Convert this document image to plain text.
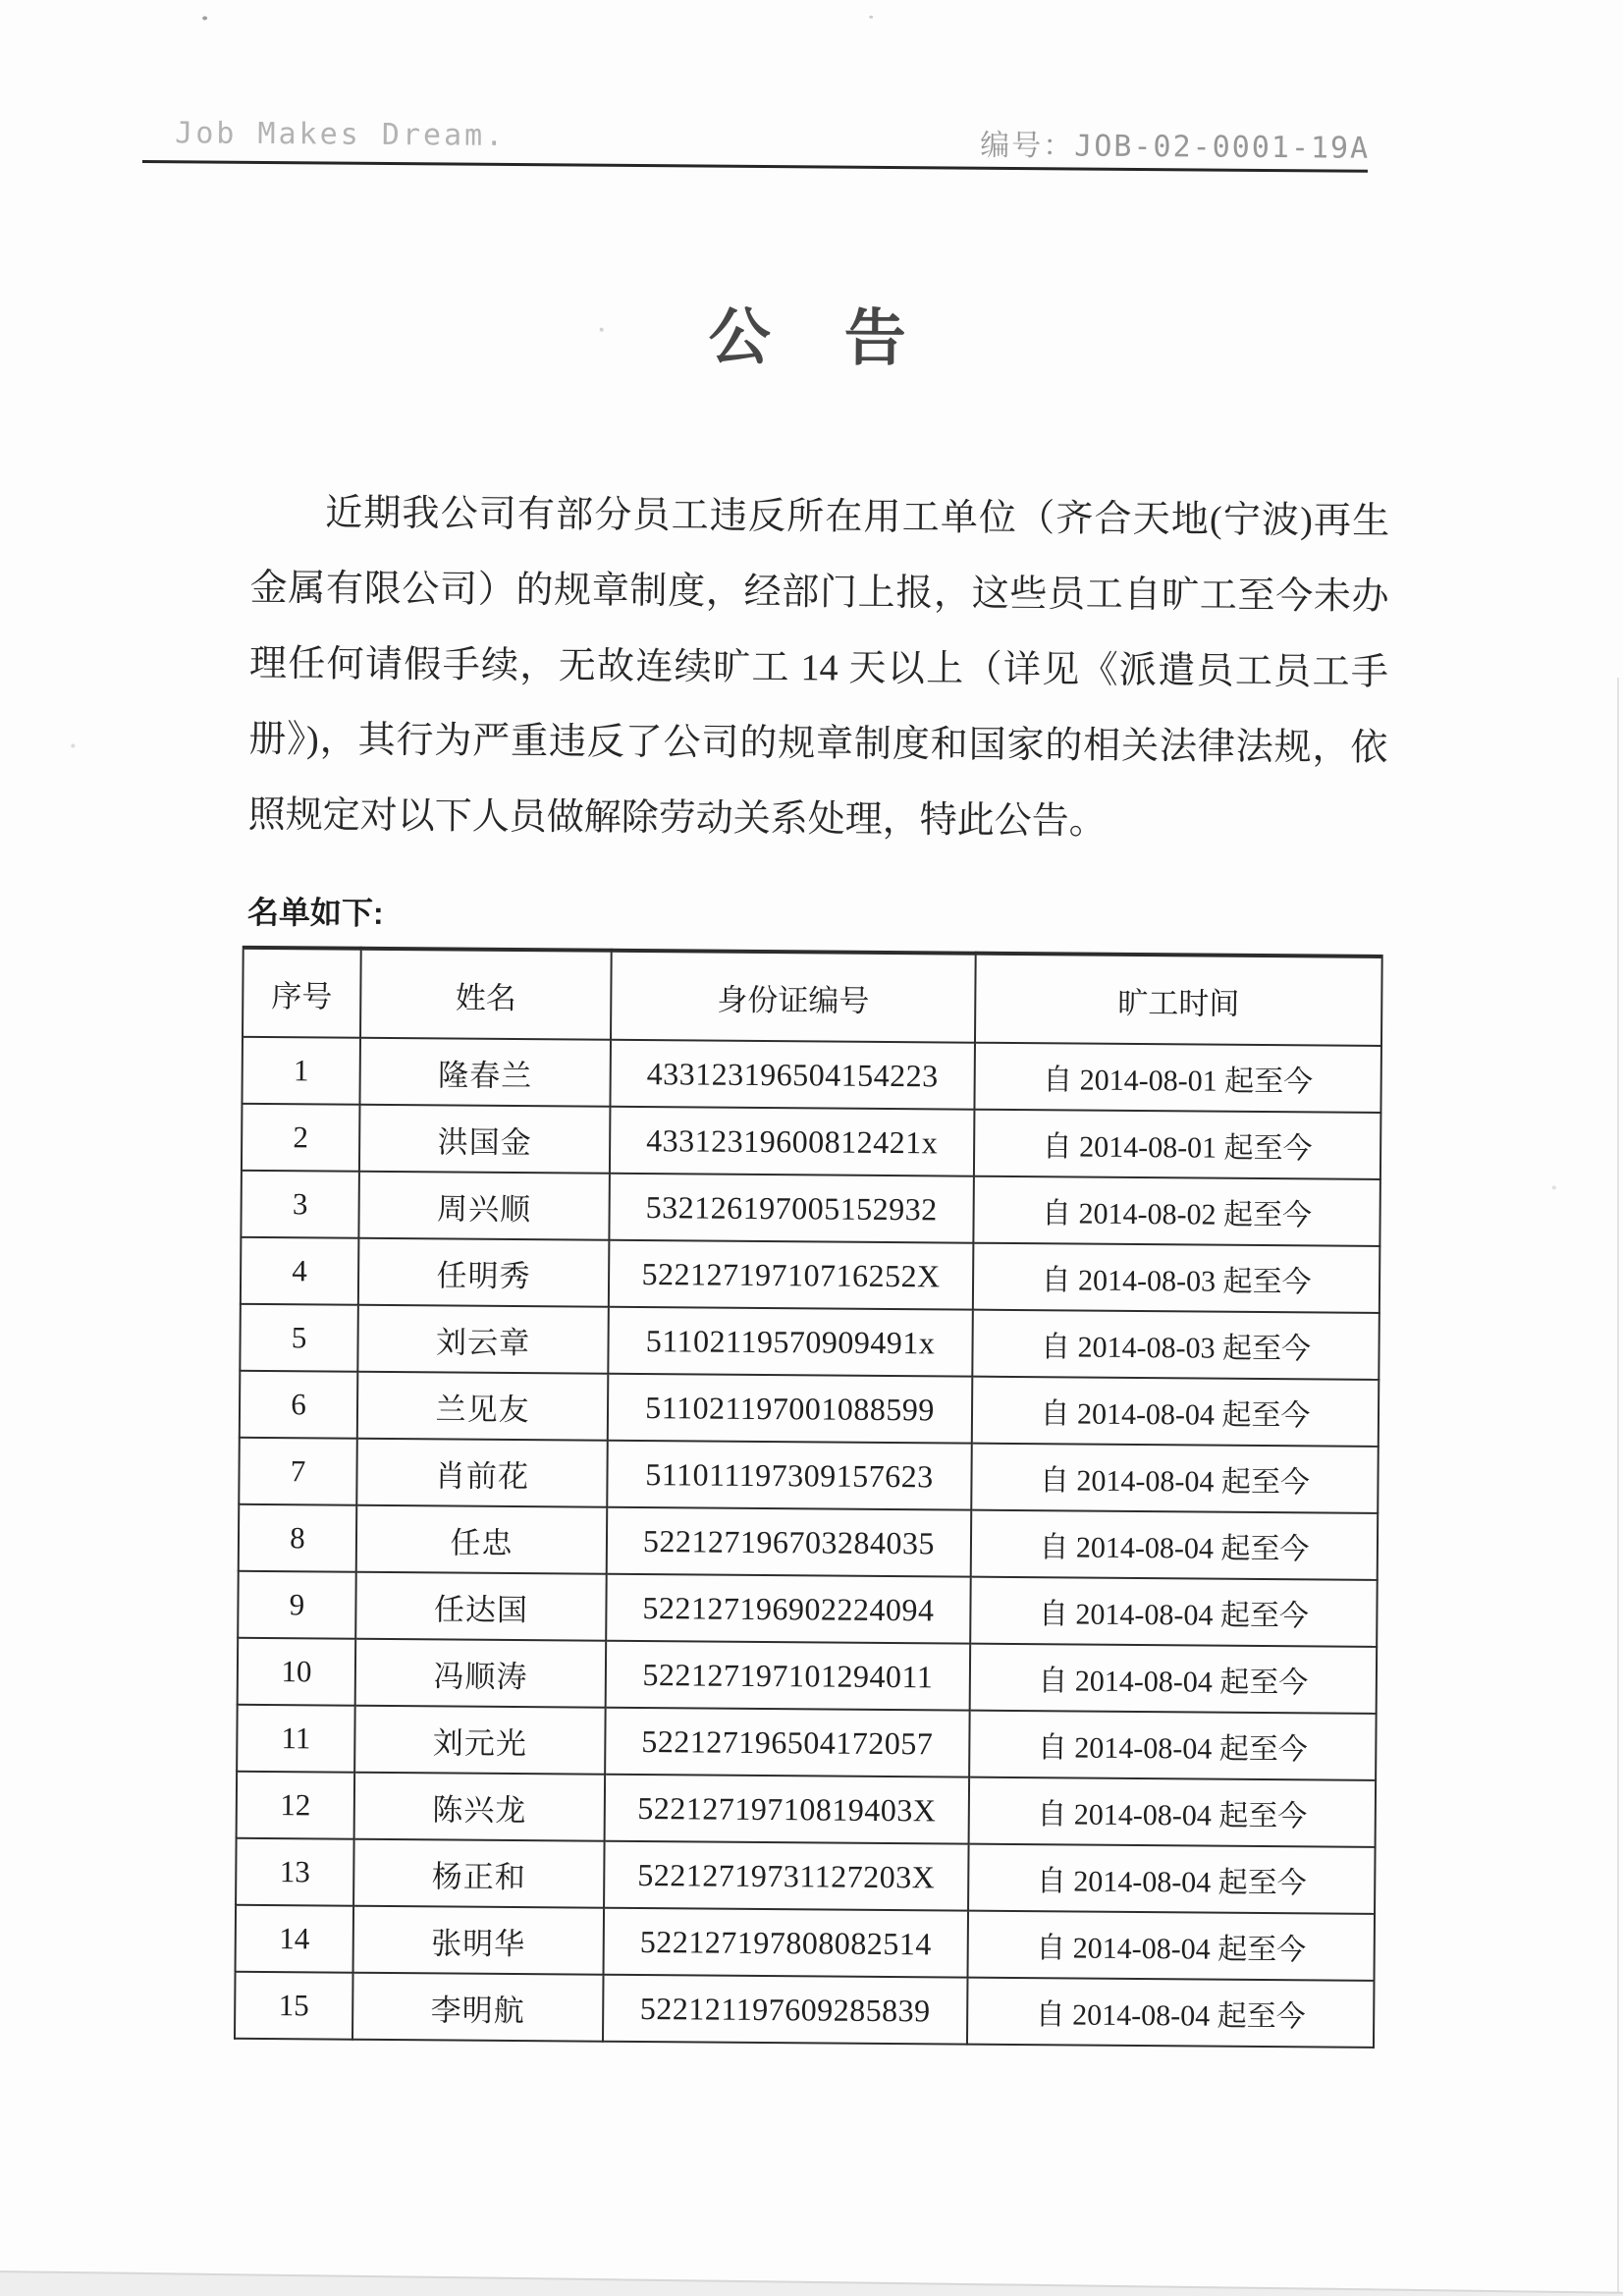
Job Makes Dream.	编号：JOB-02-0001-19A
公　告
近期我公司有部分员工违反所在用工单位（齐合天地(宁波)再生
金属有限公司）的规章制度，经部门上报，这些员工自旷工至今未办
理任何请假手续，无故连续旷工 14 天以上（详见《派遣员工员工手
册》)，其行为严重违反了公司的规章制度和国家的相关法律法规，依
照规定对以下人员做解除劳动关系处理，特此公告。
名单如下:
序号	姓名	身份证编号	旷工时间
1	隆春兰	433123196504154223	自 2014-08-01 起至今
2	洪国金	43312319600812421x	自 2014-08-01 起至今
3	周兴顺	532126197005152932	自 2014-08-02 起至今
4	任明秀	52212719710716252X	自 2014-08-03 起至今
5	刘云章	51102119570909491x	自 2014-08-03 起至今
6	兰见友	511021197001088599	自 2014-08-04 起至今
7	肖前花	511011197309157623	自 2014-08-04 起至今
8	任忠	522127196703284035	自 2014-08-04 起至今
9	任达国	522127196902224094	自 2014-08-04 起至今
10	冯顺涛	522127197101294011	自 2014-08-04 起至今
11	刘元光	522127196504172057	自 2014-08-04 起至今
12	陈兴龙	52212719710819403X	自 2014-08-04 起至今
13	杨正和	52212719731127203X	自 2014-08-04 起至今
14	张明华	522127197808082514	自 2014-08-04 起至今
15	李明航	522121197609285839	自 2014-08-04 起至今
